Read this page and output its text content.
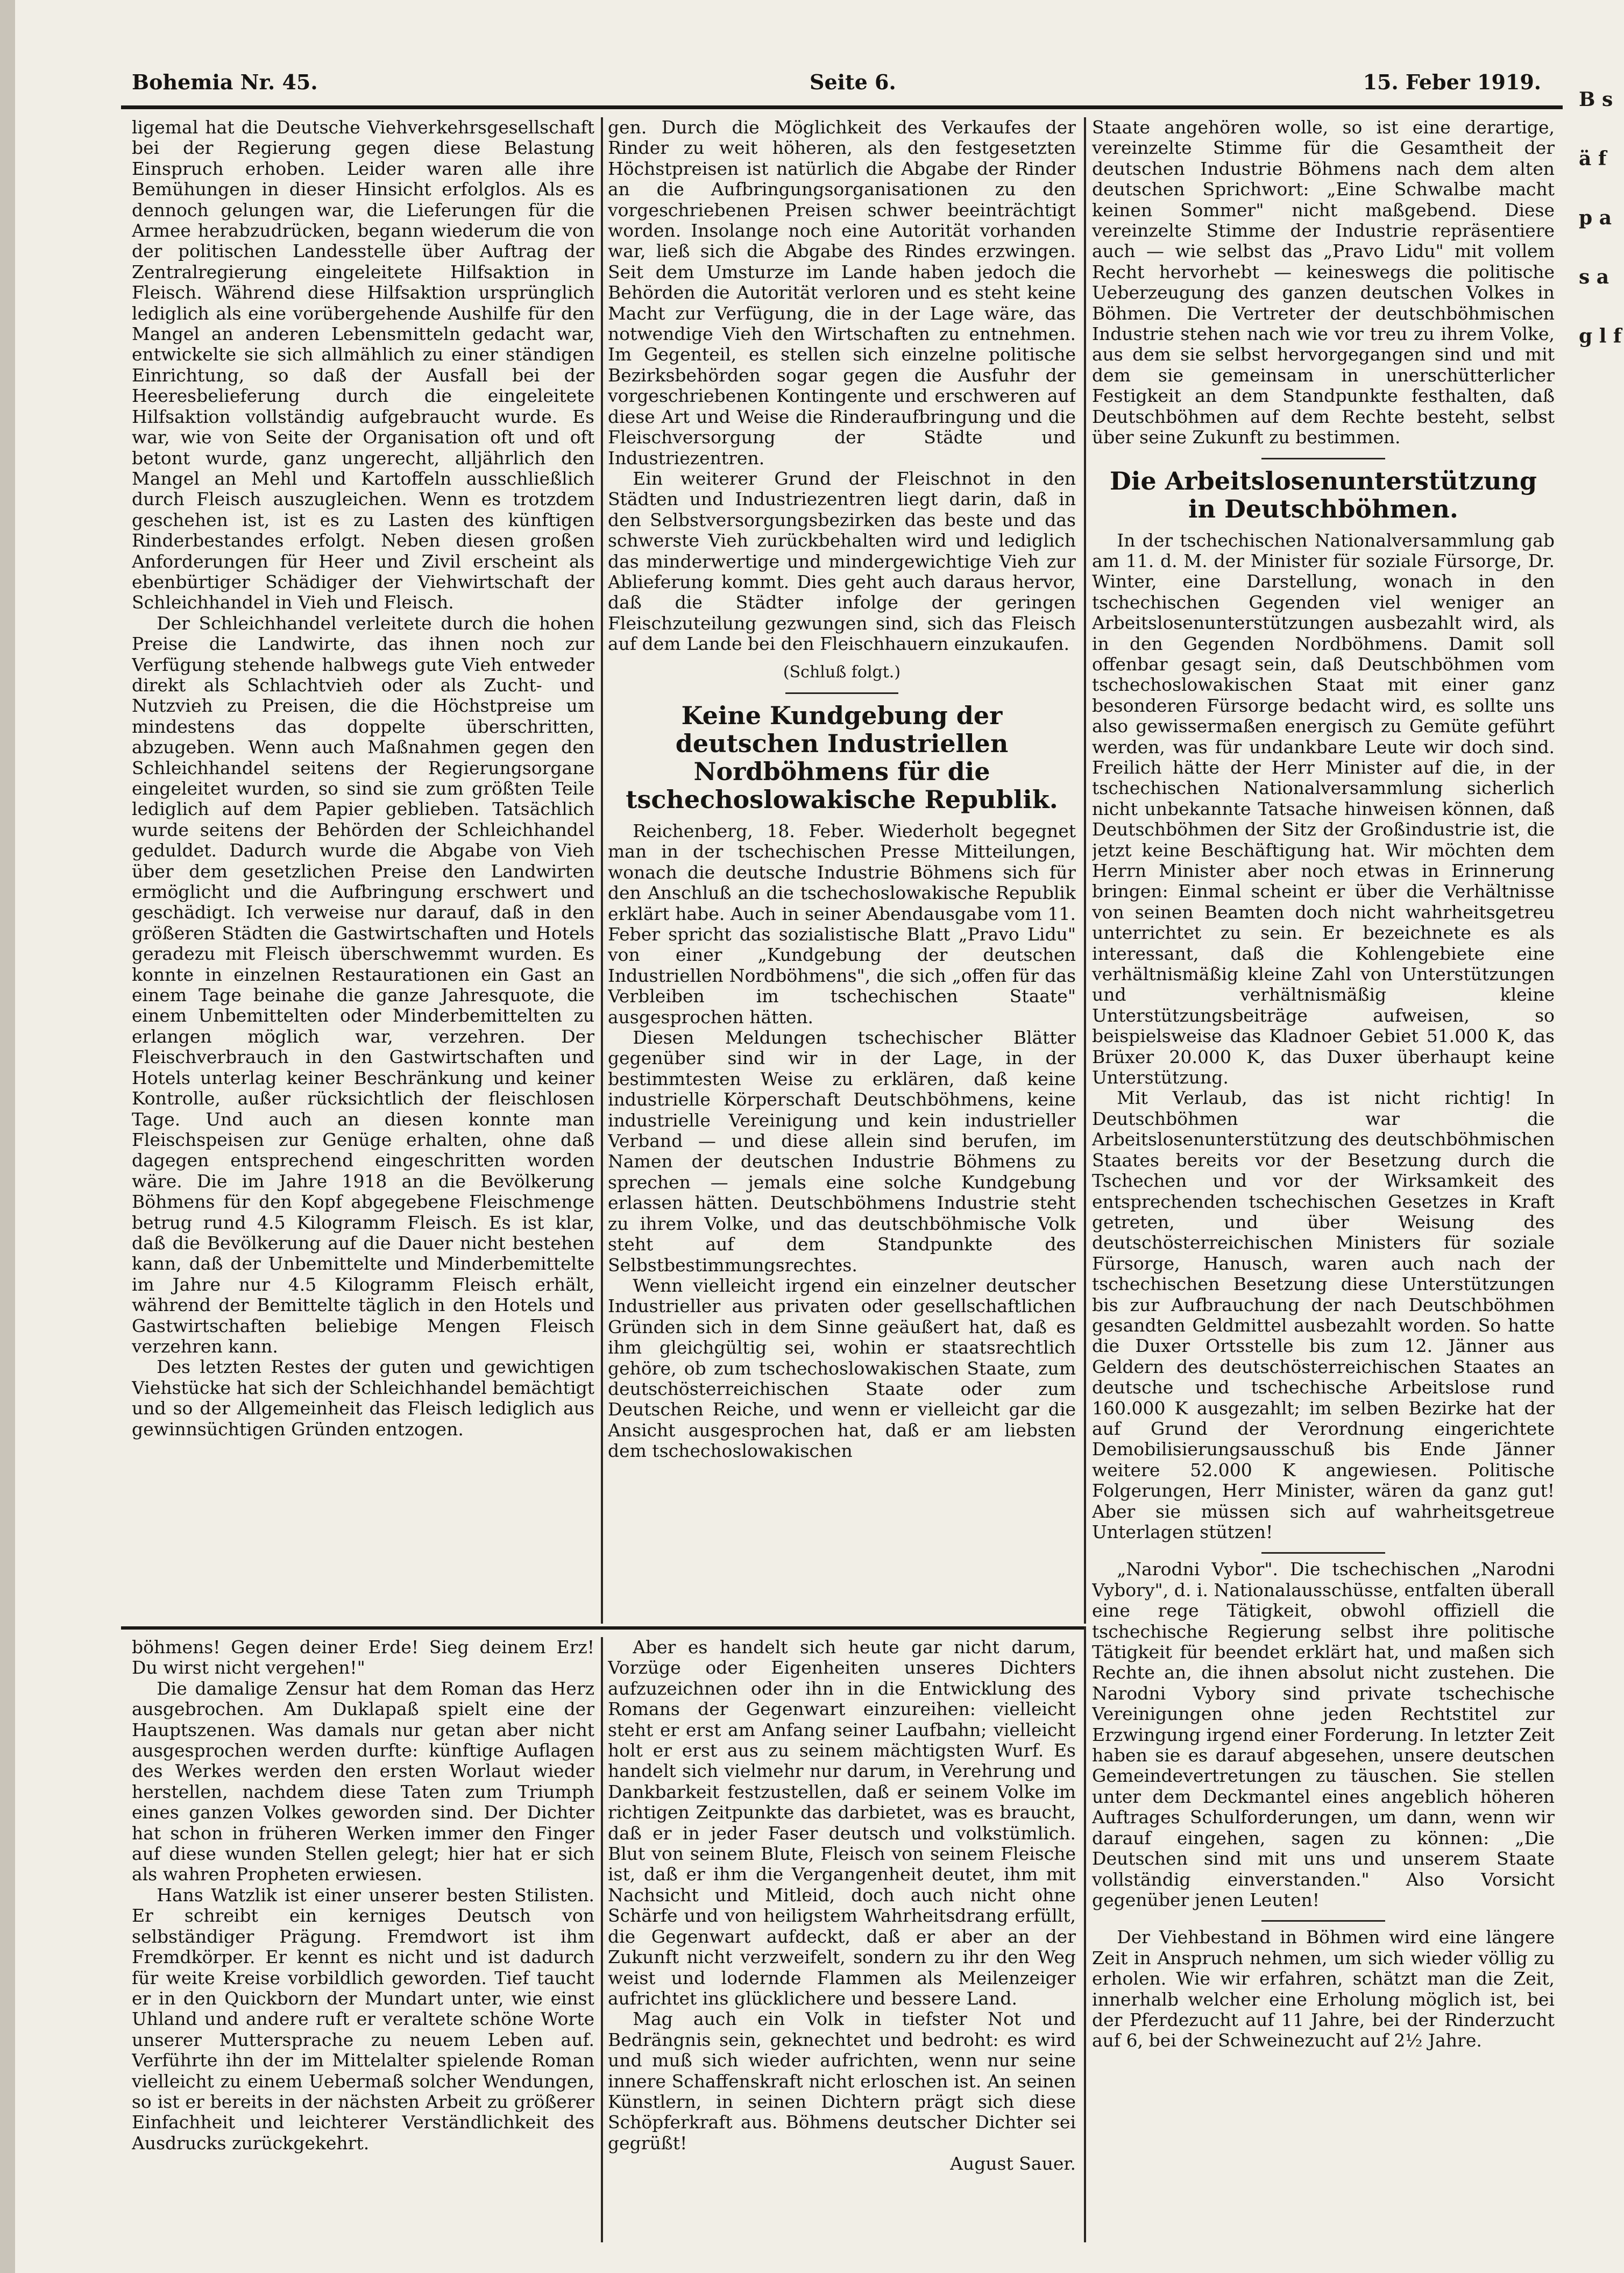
Bohemia Nr. 45.	Seite 6.	15. Feber 1919.

ligemal hat die Deutsche Viehverkehrsgesellschaft bei der Regierung gegen diese Belastung Einspruch erhoben. Leider waren alle ihre Bemühungen in dieser Hinsicht erfolglos. Als es dennoch gelungen war, die Lieferungen für die Armee herabzudrücken, begann wiederum die von der politischen Landesstelle über Auftrag der Zentralregierung eingeleitete Hilfsaktion in Fleisch. Während diese Hilfsaktion ursprünglich lediglich als eine vorübergehende Aushilfe für den Mangel an anderen Lebensmitteln gedacht war, entwickelte sie sich allmählich zu einer ständigen Einrichtung, so daß der Ausfall bei der Heeresbelieferung durch die eingeleitete Hilfsaktion vollständig aufgebraucht wurde. Es war, wie von Seite der Organisation oft und oft betont wurde, ganz ungerecht, alljährlich den Mangel an Mehl und Kartoffeln ausschließlich durch Fleisch auszugleichen. Wenn es trotzdem geschehen ist, ist es zu Lasten des künftigen Rinderbestandes erfolgt. Neben diesen großen Anforderungen für Heer und Zivil erscheint als ebenbürtiger Schädiger der Viehwirtschaft der Schleichhandel in Vieh und Fleisch.

Der Schleichhandel verleitete durch die hohen Preise die Landwirte, das ihnen noch zur Verfügung stehende halbwegs gute Vieh entweder direkt als Schlachtvieh oder als Zucht- und Nutzvieh zu Preisen, die die Höchstpreise um mindestens das doppelte überschritten, abzugeben. Wenn auch Maßnahmen gegen den Schleichhandel seitens der Regierungsorgane eingeleitet wurden, so sind sie zum größten Teile lediglich auf dem Papier geblieben. Tatsächlich wurde seitens der Behörden der Schleichhandel geduldet. Dadurch wurde die Abgabe von Vieh über dem gesetzlichen Preise den Landwirten ermöglicht und die Aufbringung erschwert und geschädigt. Ich verweise nur darauf, daß in den größeren Städten die Gastwirtschaften und Hotels geradezu mit Fleisch überschwemmt wurden. Es konnte in einzelnen Restaurationen ein Gast an einem Tage beinahe die ganze Jahresquote, die einem Unbemittelten oder Minderbemittelten zu erlangen möglich war, verzehren. Der Fleischverbrauch in den Gastwirtschaften und Hotels unterlag keiner Beschränkung und keiner Kontrolle, außer rücksichtlich der fleischlosen Tage. Und auch an diesen konnte man Fleischspeisen zur Genüge erhalten, ohne daß dagegen entsprechend eingeschritten worden wäre. Die im Jahre 1918 an die Bevölkerung Böhmens für den Kopf abgegebene Fleischmenge betrug rund 4.5 Kilogramm Fleisch. Es ist klar, daß die Bevölkerung auf die Dauer nicht bestehen kann, daß der Unbemittelte und Minderbemittelte im Jahre nur 4.5 Kilogramm Fleisch erhält, während der Bemittelte täglich in den Hotels und Gastwirtschaften beliebige Mengen Fleisch verzehren kann.

Des letzten Restes der guten und gewichtigen Viehstücke hat sich der Schleichhandel bemächtigt und so der Allgemeinheit das Fleisch lediglich aus gewinnsüchtigen Gründen entzogen.

gen. Durch die Möglichkeit des Verkaufes der Rinder zu weit höheren, als den festgesetzten Höchstpreisen ist natürlich die Abgabe der Rinder an die Aufbringungsorganisationen zu den vorgeschriebenen Preisen schwer beeinträchtigt worden. Insolange noch eine Autorität vorhanden war, ließ sich die Abgabe des Rindes erzwingen. Seit dem Umsturze im Lande haben jedoch die Behörden die Autorität verloren und es steht keine Macht zur Verfügung, die in der Lage wäre, das notwendige Vieh den Wirtschaften zu entnehmen. Im Gegenteil, es stellen sich einzelne politische Bezirksbehörden sogar gegen die Ausfuhr der vorgeschriebenen Kontingente und erschweren auf diese Art und Weise die Rinderaufbringung und die Fleischversorgung der Städte und Industriezentren.

Ein weiterer Grund der Fleischnot in den Städten und Industriezentren liegt darin, daß in den Selbstversorgungsbezirken das beste und das schwerste Vieh zurückbehalten wird und lediglich das minderwertige und mindergewichtige Vieh zur Ablieferung kommt. Dies geht auch daraus hervor, daß die Städter infolge der geringen Fleischzuteilung gezwungen sind, sich das Fleisch auf dem Lande bei den Fleischhauern einzukaufen.

(Schluß folgt.)
Keine Kundgebung der deutschen Industriellen Nordböhmens für die tschechoslowakische Republik.

Reichenberg, 18. Feber. Wiederholt begegnet man in der tschechischen Presse Mitteilungen, wonach die deutsche Industrie Böhmens sich für den Anschluß an die tschechoslowakische Republik erklärt habe. Auch in seiner Abendausgabe vom 11. Feber spricht das sozialistische Blatt „Pravo Lidu" von einer „Kundgebung der deutschen Industriellen Nordböhmens", die sich „offen für das Verbleiben im tschechischen Staate" ausgesprochen hätten.

Diesen Meldungen tschechischer Blätter gegenüber sind wir in der Lage, in der bestimmtesten Weise zu erklären, daß keine industrielle Körperschaft Deutschböhmens, keine industrielle Vereinigung und kein industrieller Verband — und diese allein sind berufen, im Namen der deutschen Industrie Böhmens zu sprechen — jemals eine solche Kundgebung erlassen hätten. Deutschböhmens Industrie steht zu ihrem Volke, und das deutschböhmische Volk steht auf dem Standpunkte des Selbstbestimmungsrechtes.

Wenn vielleicht irgend ein einzelner deutscher Industrieller aus privaten oder gesellschaftlichen Gründen sich in dem Sinne geäußert hat, daß es ihm gleichgültig sei, wohin er staatsrechtlich gehöre, ob zum tschechoslowakischen Staate, zum deutschösterreichischen Staate oder zum Deutschen Reiche, und wenn er vielleicht gar die Ansicht ausgesprochen hat, daß er am liebsten dem tschechoslowakischen

Staate angehören wolle, so ist eine derartige, vereinzelte Stimme für die Gesamtheit der deutschen Industrie Böhmens nach dem alten deutschen Sprichwort: „Eine Schwalbe macht keinen Sommer" nicht maßgebend. Diese vereinzelte Stimme der Industrie repräsentiere auch — wie selbst das „Pravo Lidu" mit vollem Recht hervorhebt — keineswegs die politische Ueberzeugung des ganzen deutschen Volkes in Böhmen. Die Vertreter der deutschböhmischen Industrie stehen nach wie vor treu zu ihrem Volke, aus dem sie selbst hervorgegangen sind und mit dem sie gemeinsam in unerschütterlicher Festigkeit an dem Standpunkte festhalten, daß Deutschböhmen auf dem Rechte besteht, selbst über seine Zukunft zu bestimmen.

Die Arbeitslosenunterstützung in Deutschböhmen.

In der tschechischen Nationalversammlung gab am 11. d. M. der Minister für soziale Fürsorge, Dr. Winter, eine Darstellung, wonach in den tschechischen Gegenden viel weniger an Arbeitslosenunterstützungen ausbezahlt wird, als in den Gegenden Nordböhmens. Damit soll offenbar gesagt sein, daß Deutschböhmen vom tschechoslowakischen Staat mit einer ganz besonderen Fürsorge bedacht wird, es sollte uns also gewissermaßen energisch zu Gemüte geführt werden, was für undankbare Leute wir doch sind. Freilich hätte der Herr Minister auf die, in der tschechischen Nationalversammlung sicherlich nicht unbekannte Tatsache hinweisen können, daß Deutschböhmen der Sitz der Großindustrie ist, die jetzt keine Beschäftigung hat. Wir möchten dem Herrn Minister aber noch etwas in Erinnerung bringen: Einmal scheint er über die Verhältnisse von seinen Beamten doch nicht wahrheitsgetreu unterrichtet zu sein. Er bezeichnete es als interessant, daß die Kohlengebiete eine verhältnismäßig kleine Zahl von Unterstützungen und verhältnismäßig kleine Unterstützungsbeiträge aufweisen, so beispielsweise das Kladnoer Gebiet 51.000 K, das Brüxer 20.000 K, das Duxer überhaupt keine Unterstützung.

Mit Verlaub, das ist nicht richtig! In Deutschböhmen war die Arbeitslosenunterstützung des deutschböhmischen Staates bereits vor der Besetzung durch die Tschechen und vor der Wirksamkeit des entsprechenden tschechischen Gesetzes in Kraft getreten, und über Weisung des deutschösterreichischen Ministers für soziale Fürsorge, Hanusch, waren auch nach der tschechischen Besetzung diese Unterstützungen bis zur Aufbrauchung der nach Deutschböhmen gesandten Geldmittel ausbezahlt worden. So hatte die Duxer Ortsstelle bis zum 12. Jänner aus Geldern des deutschösterreichischen Staates an deutsche und tschechische Arbeitslose rund 160.000 K ausgezahlt; im selben Bezirke hat der auf Grund der Verordnung eingerichtete Demobilisierungsausschuß bis Ende Jänner weitere 52.000 K angewiesen. Politische Folgerungen, Herr Minister, wären da ganz gut! Aber sie müssen sich auf wahrheitsgetreue Unterlagen stützen!

„Narodni Vybor". Die tschechischen „Narodni Vybory", d. i. Nationalausschüsse, entfalten überall eine rege Tätigkeit, obwohl offiziell die tschechische Regierung selbst ihre politische Tätigkeit für beendet erklärt hat, und maßen sich Rechte an, die ihnen absolut nicht zustehen. Die Narodni Vybory sind private tschechische Vereinigungen ohne jeden Rechtstitel zur Erzwingung irgend einer Forderung. In letzter Zeit haben sie es darauf abgesehen, unsere deutschen Gemeindevertretungen zu täuschen. Sie stellen unter dem Deckmantel eines angeblich höheren Auftrages Schulforderungen, um dann, wenn wir darauf eingehen, sagen zu können: „Die Deutschen sind mit uns und unserem Staate vollständig einverstanden." Also Vorsicht gegenüber jenen Leuten!

Der Viehbestand in Böhmen wird eine längere Zeit in Anspruch nehmen, um sich wieder völlig zu erholen. Wie wir erfahren, schätzt man die Zeit, innerhalb welcher eine Erholung möglich ist, bei der Pferdezucht auf 11 Jahre, bei der Rinderzucht auf 6, bei der Schweinezucht auf 2½ Jahre.

böhmens! Gegen deiner Erde! Sieg deinem Erz! Du wirst nicht vergehen!"

Die damalige Zensur hat dem Roman das Herz ausgebrochen. Am Duklapaß spielt eine der Hauptszenen. Was damals nur getan aber nicht ausgesprochen werden durfte: künftige Auflagen des Werkes werden den ersten Worlaut wieder herstellen, nachdem diese Taten zum Triumph eines ganzen Volkes geworden sind. Der Dichter hat schon in früheren Werken immer den Finger auf diese wunden Stellen gelegt; hier hat er sich als wahren Propheten erwiesen.

Hans Watzlik ist einer unserer besten Stilisten. Er schreibt ein kerniges Deutsch von selbständiger Prägung. Fremdwort ist ihm Fremdkörper. Er kennt es nicht und ist dadurch für weite Kreise vorbildlich geworden. Tief taucht er in den Quickborn der Mundart unter, wie einst Uhland und andere ruft er veraltete schöne Worte unserer Muttersprache zu neuem Leben auf. Verführte ihn der im Mittelalter spielende Roman vielleicht zu einem Uebermaß solcher Wendungen, so ist er bereits in der nächsten Arbeit zu größerer Einfachheit und leichterer Verständlichkeit des Ausdrucks zurückgekehrt.

Aber es handelt sich heute gar nicht darum, Vorzüge oder Eigenheiten unseres Dichters aufzuzeichnen oder ihn in die Entwicklung des Romans der Gegenwart einzureihen: vielleicht steht er erst am Anfang seiner Laufbahn; vielleicht holt er erst aus zu seinem mächtigsten Wurf. Es handelt sich vielmehr nur darum, in Verehrung und Dankbarkeit festzustellen, daß er seinem Volke im richtigen Zeitpunkte das darbietet, was es braucht, daß er in jeder Faser deutsch und volkstümlich. Blut von seinem Blute, Fleisch von seinem Fleische ist, daß er ihm die Vergangenheit deutet, ihm mit Nachsicht und Mitleid, doch auch nicht ohne Schärfe und von heiligstem Wahrheitsdrang erfüllt, die Gegenwart aufdeckt, daß er aber an der Zukunft nicht verzweifelt, sondern zu ihr den Weg weist und lodernde Flammen als Meilenzeiger aufrichtet ins glücklichere und bessere Land.

Mag auch ein Volk in tiefster Not und Bedrängnis sein, geknechtet und bedroht: es wird und muß sich wieder aufrichten, wenn nur seine innere Schaffenskraft nicht erloschen ist. An seinen Künstlern, in seinen Dichtern prägt sich diese Schöpferkraft aus. Böhmens deutscher Dichter sei gegrüßt!

August Sauer.

B s ä f p a s a g l f
